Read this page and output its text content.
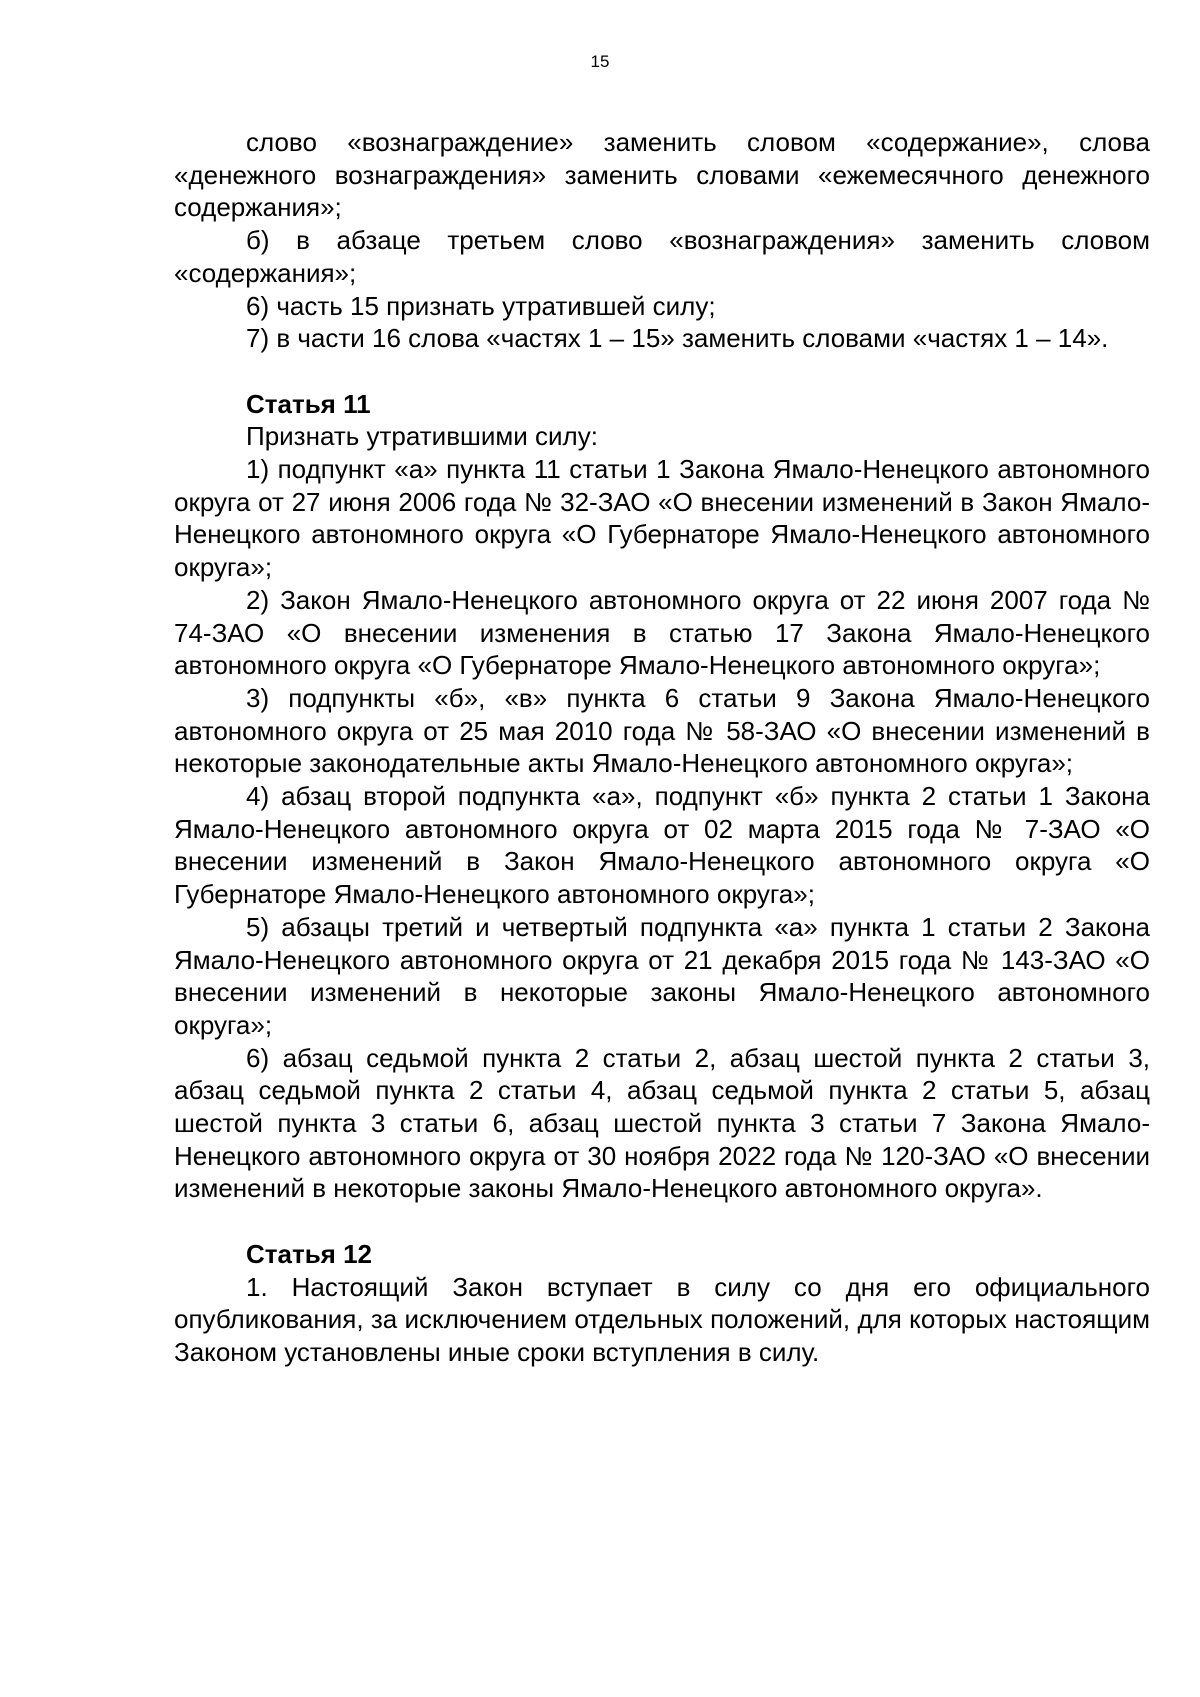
15

слово «вознаграждение» заменить словом «содержание», слова «денежного вознаграждения» заменить словами «ежемесячного денежного содержания»;

б) в абзаце третьем слово «вознаграждения» заменить словом «содержания»;

6) часть 15 признать утратившей силу;

7) в части 16 слова «частях 1 – 15» заменить словами «частях 1 – 14».

Статья 11

Признать утратившими силу:

1) подпункт «а» пункта 11 статьи 1 Закона Ямало-Ненецкого автономного округа от 27 июня 2006 года № 32-ЗАО «О внесении изменений в Закон Ямало-Ненецкого автономного округа «О Губернаторе Ямало-Ненецкого автономного округа»;

2) Закон Ямало-Ненецкого автономного округа от 22 июня 2007 года № 74-ЗАО «О внесении изменения в статью 17 Закона Ямало-Ненецкого автономного округа «О Губернаторе Ямало-Ненецкого автономного округа»;

3) подпункты «б», «в» пункта 6 статьи 9 Закона Ямало-Ненецкого автономного округа от 25 мая 2010 года № 58-ЗАО «О внесении изменений в некоторые законодательные акты Ямало-Ненецкого автономного округа»;

4) абзац второй подпункта «а», подпункт «б» пункта 2 статьи 1 Закона Ямало-Ненецкого автономного округа от 02 марта 2015 года № 7-ЗАО «О внесении изменений в Закон Ямало-Ненецкого автономного округа «О Губернаторе Ямало-Ненецкого автономного округа»;

5) абзацы третий и четвертый подпункта «а» пункта 1 статьи 2 Закона Ямало-Ненецкого автономного округа от 21 декабря 2015 года № 143-ЗАО «О внесении изменений в некоторые законы Ямало-Ненецкого автономного округа»;

6) абзац седьмой пункта 2 статьи 2, абзац шестой пункта 2 статьи 3, абзац седьмой пункта 2 статьи 4, абзац седьмой пункта 2 статьи 5, абзац шестой пункта 3 статьи 6, абзац шестой пункта 3 статьи 7 Закона Ямало-Ненецкого автономного округа от 30 ноября 2022 года № 120-ЗАО «О внесении изменений в некоторые законы Ямало-Ненецкого автономного округа».

Статья 12

1. Настоящий Закон вступает в силу со дня его официального опубликования, за исключением отдельных положений, для которых настоящим Законом установлены иные сроки вступления в силу.
